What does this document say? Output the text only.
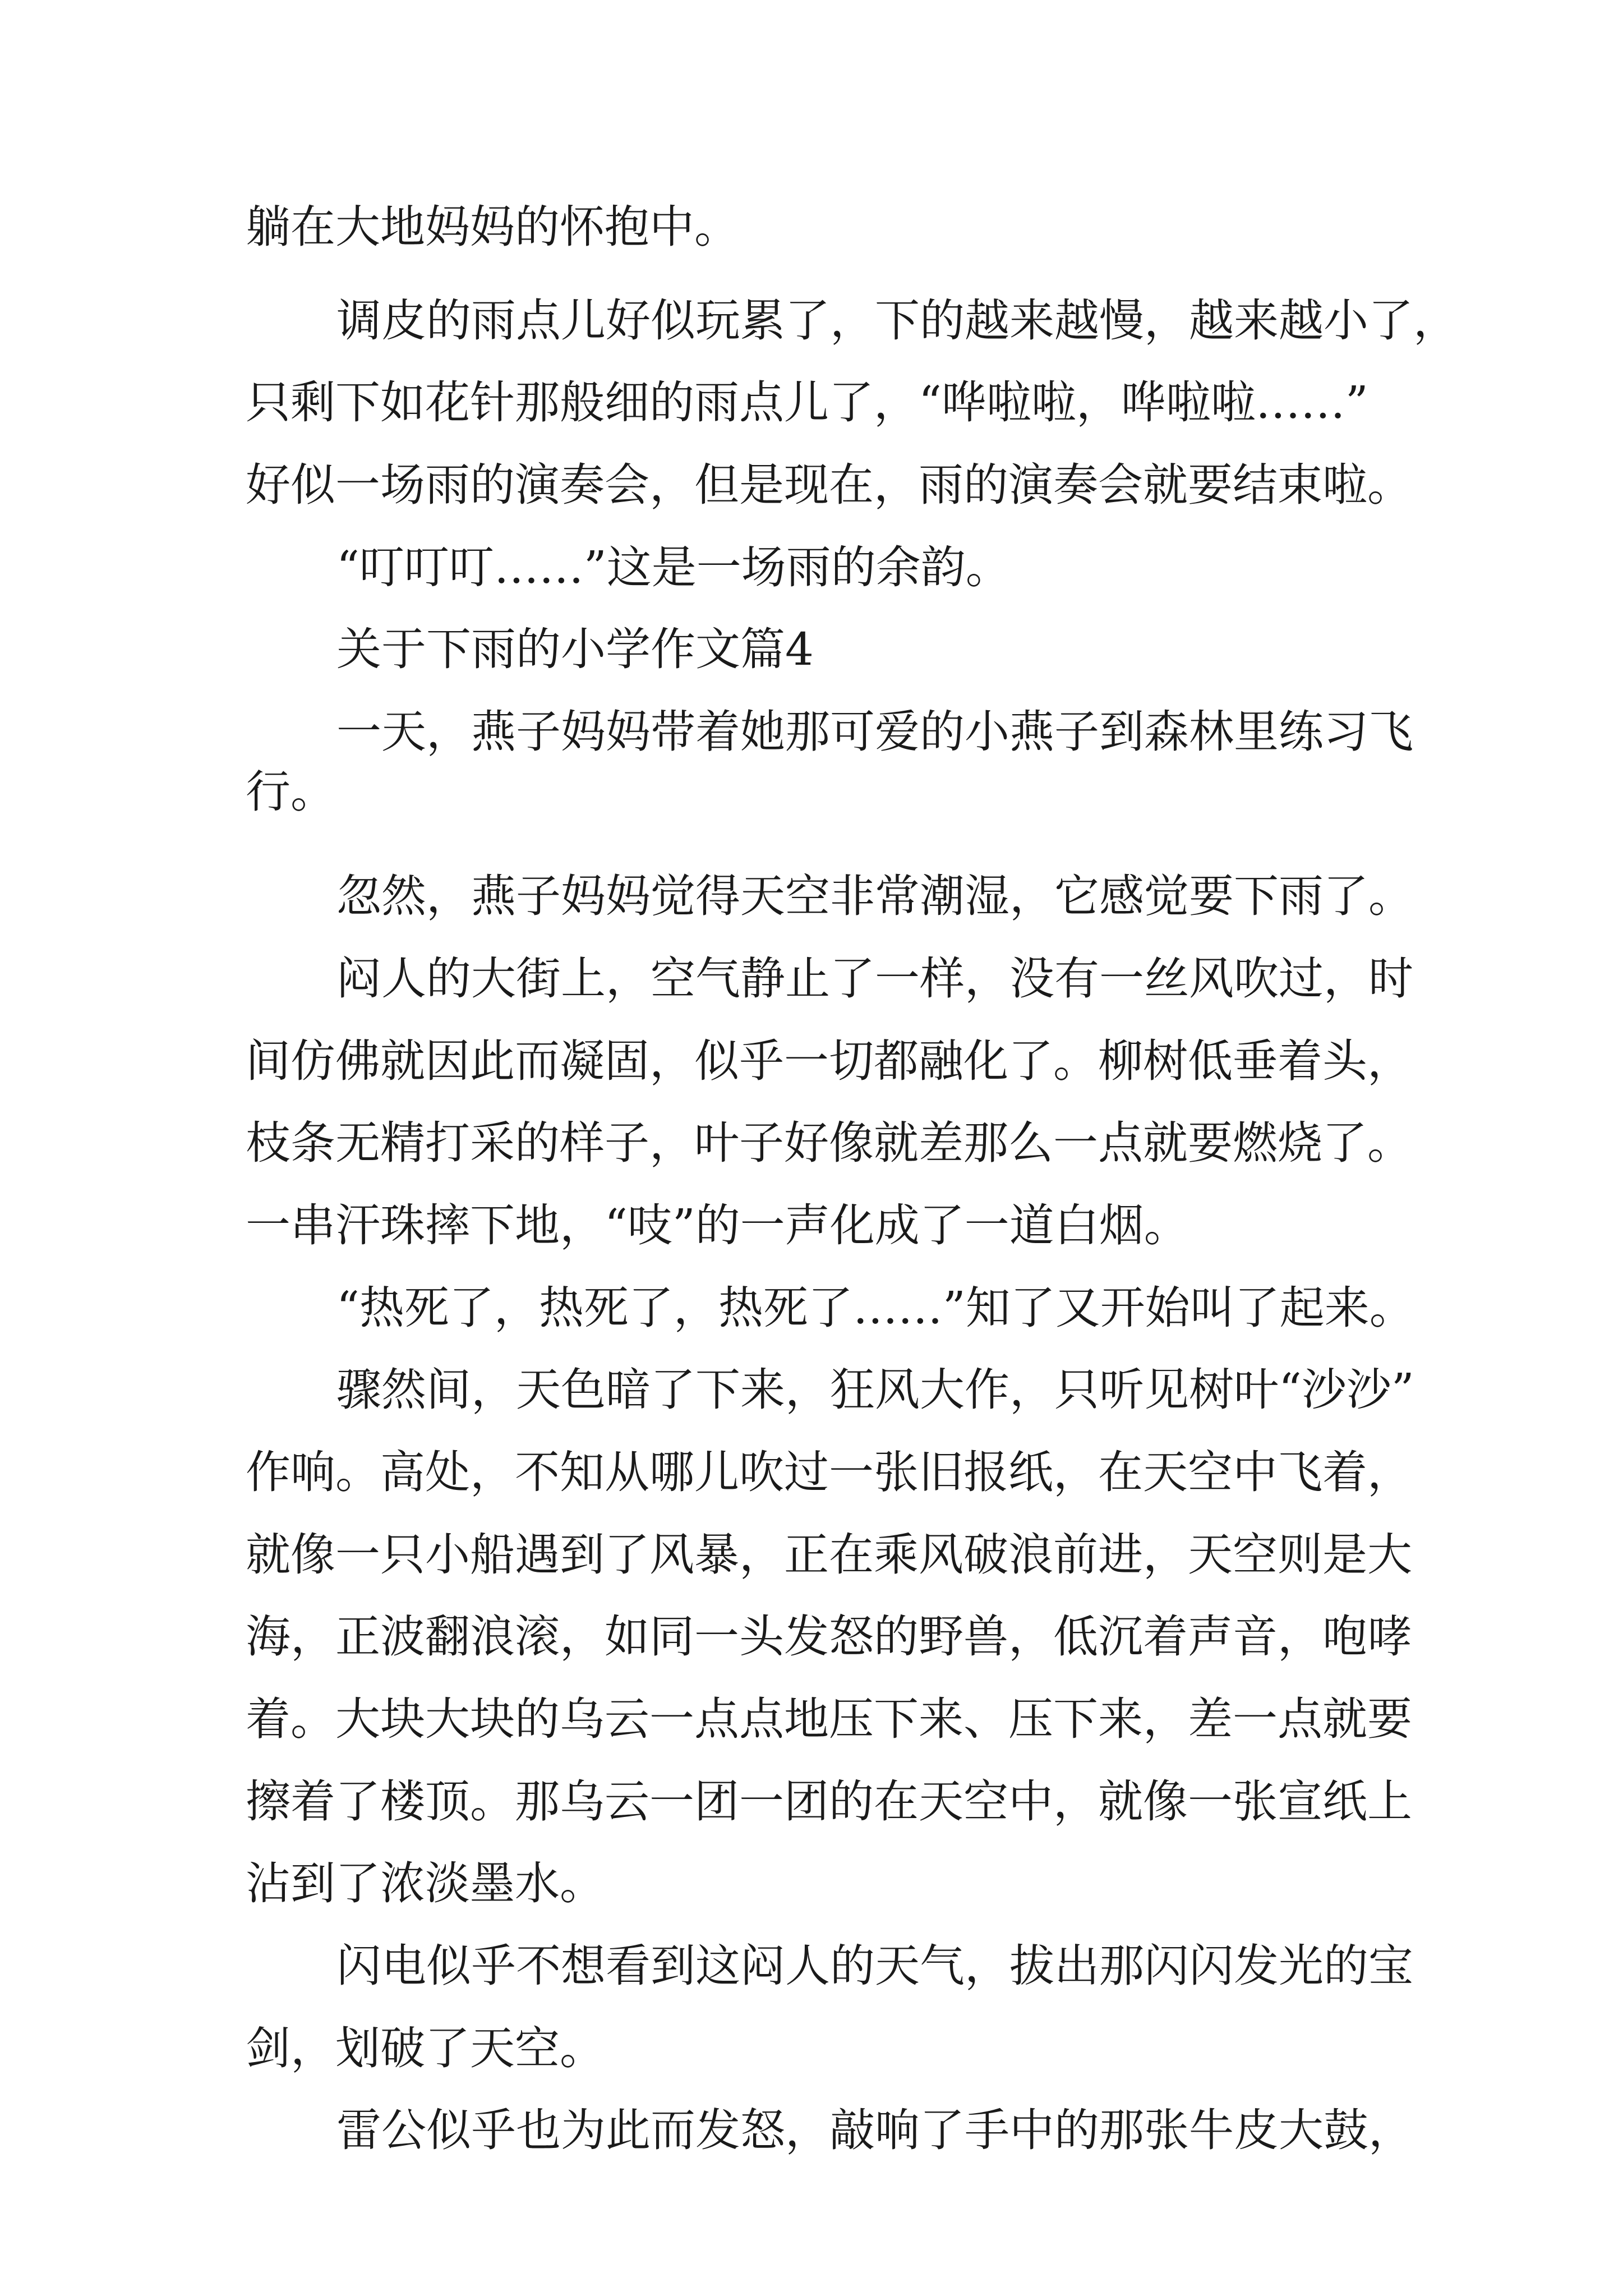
躺在大地妈妈的怀抱中。
调皮的雨点儿好似玩累了，下的越来越慢，越来越小了，
只剩下如花针那般细的雨点儿了，“哗啦啦，哗啦啦……”
好似一场雨的演奏会，但是现在，雨的演奏会就要结束啦。
“叮叮叮……”这是一场雨的余韵。
关于下雨的小学作文篇4
一天，燕子妈妈带着她那可爱的小燕子到森林里练习飞
行。
忽然，燕子妈妈觉得天空非常潮湿，它感觉要下雨了。
闷人的大街上，空气静止了一样，没有一丝风吹过，时
间仿佛就因此而凝固，似乎一切都融化了。柳树低垂着头，
枝条无精打采的样子，叶子好像就差那么一点就要燃烧了。
一串汗珠摔下地，“吱”的一声化成了一道白烟。
“热死了，热死了，热死了……”知了又开始叫了起来。
骤然间，天色暗了下来，狂风大作，只听见树叶“沙沙”
作响。高处，不知从哪儿吹过一张旧报纸，在天空中飞着，
就像一只小船遇到了风暴，正在乘风破浪前进，天空则是大
海，正波翻浪滚，如同一头发怒的野兽，低沉着声音，咆哮
着。大块大块的乌云一点点地压下来、压下来，差一点就要
擦着了楼顶。那乌云一团一团的在天空中，就像一张宣纸上
沾到了浓淡墨水。
闪电似乎不想看到这闷人的天气，拔出那闪闪发光的宝
剑，划破了天空。
雷公似乎也为此而发怒，敲响了手中的那张牛皮大鼓，
